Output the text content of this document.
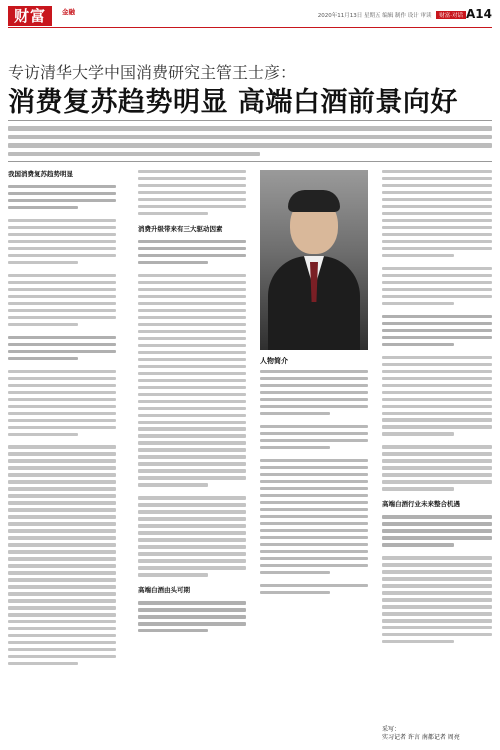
财富	金融	2020年11月13日 星期五 编辑 制作 设计 审读 财富·对话 A14
专访清华大学中国消费研究主管王士彦：
消费复苏趋势明显 高端白酒前景向好
我国消费复苏趋势明显
消费升级带来有三大驱动因素
高端白酒由头可期
人物简介
高端白酒行业未来整合机遇
采写：
实习记者 许言 南都记者 周亮
